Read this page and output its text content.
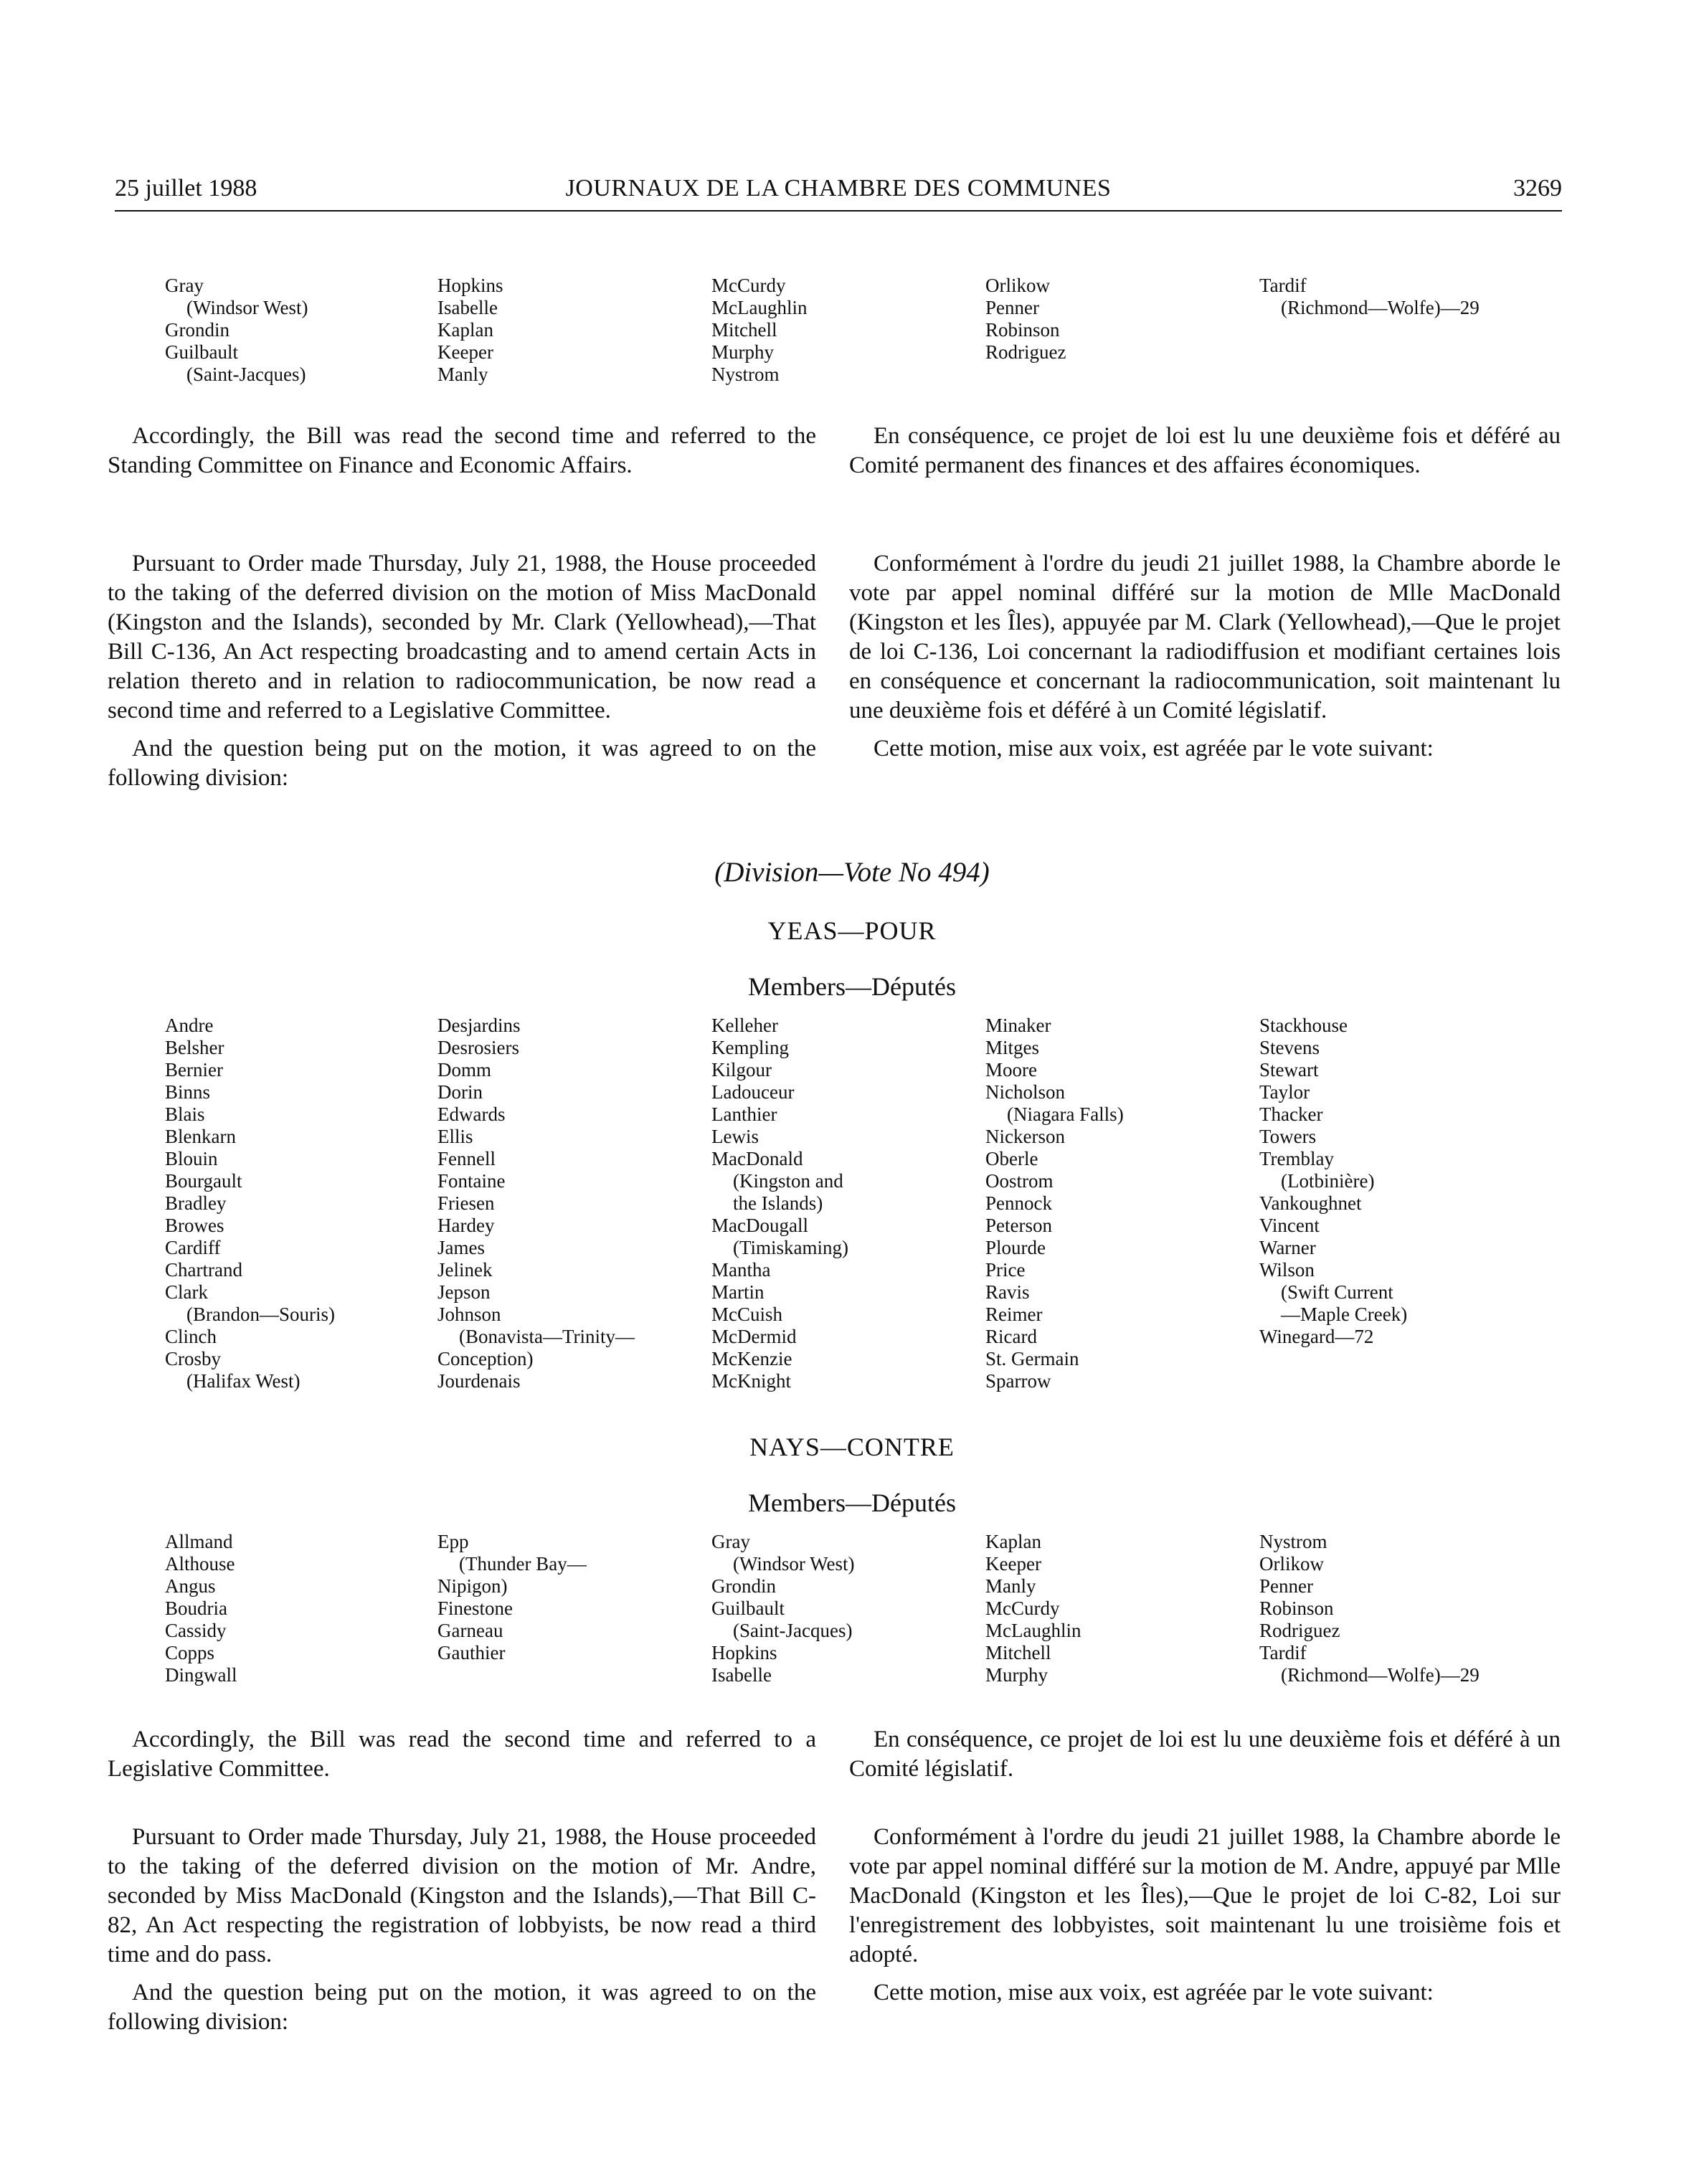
25 juillet 1988	JOURNAUX DE LA CHAMBRE DES COMMUNES	3269
Gray
(Windsor West)
Grondin
Guilbault
(Saint-Jacques)
Hopkins
Isabelle
Kaplan
Keeper
Manly
McCurdy
McLaughlin
Mitchell
Murphy
Nystrom
Orlikow
Penner
Robinson
Rodriguez
Tardif
(Richmond—Wolfe)—29

Accordingly, the Bill was read the second time and referred to the Standing Committee on Finance and Economic Affairs.

En conséquence, ce projet de loi est lu une deuxième fois et déféré au Comité permanent des finances et des affaires économiques.

Pursuant to Order made Thursday, July 21, 1988, the House proceeded to the taking of the deferred division on the motion of Miss MacDonald (Kingston and the Islands), seconded by Mr. Clark (Yellowhead),—That Bill C-136, An Act respecting broadcasting and to amend certain Acts in relation thereto and in relation to radiocommunication, be now read a second time and referred to a Legislative Committee.

And the question being put on the motion, it was agreed to on the following division:

Conformément à l'ordre du jeudi 21 juillet 1988, la Chambre aborde le vote par appel nominal différé sur la motion de Mlle MacDonald (Kingston et les Îles), appuyée par M. Clark (Yellowhead),—Que le projet de loi C-136, Loi concernant la radiodiffusion et modifiant certaines lois en conséquence et concernant la radiocommunication, soit maintenant lu une deuxième fois et déféré à un Comité législatif.

Cette motion, mise aux voix, est agréée par le vote suivant:

(Division—Vote No 494)
YEAS—POUR
Members—Députés
Andre
Belsher
Bernier
Binns
Blais
Blenkarn
Blouin
Bourgault
Bradley
Browes
Cardiff
Chartrand
Clark
(Brandon—Souris)
Clinch
Crosby
(Halifax West)
Desjardins
Desrosiers
Domm
Dorin
Edwards
Ellis
Fennell
Fontaine
Friesen
Hardey
James
Jelinek
Jepson
Johnson
(Bonavista—Trinity—
Conception)
Jourdenais
Kelleher
Kempling
Kilgour
Ladouceur
Lanthier
Lewis
MacDonald
(Kingston and
the Islands)
MacDougall
(Timiskaming)
Mantha
Martin
McCuish
McDermid
McKenzie
McKnight
Minaker
Mitges
Moore
Nicholson
(Niagara Falls)
Nickerson
Oberle
Oostrom
Pennock
Peterson
Plourde
Price
Ravis
Reimer
Ricard
St. Germain
Sparrow
Stackhouse
Stevens
Stewart
Taylor
Thacker
Towers
Tremblay
(Lotbinière)
Vankoughnet
Vincent
Warner
Wilson
(Swift Current
—Maple Creek)
Winegard—72
NAYS—CONTRE
Members—Députés
Allmand
Althouse
Angus
Boudria
Cassidy
Copps
Dingwall
Epp
(Thunder Bay—
Nipigon)
Finestone
Garneau
Gauthier
Gray
(Windsor West)
Grondin
Guilbault
(Saint-Jacques)
Hopkins
Isabelle
Kaplan
Keeper
Manly
McCurdy
McLaughlin
Mitchell
Murphy
Nystrom
Orlikow
Penner
Robinson
Rodriguez
Tardif
(Richmond—Wolfe)—29

Accordingly, the Bill was read the second time and referred to a Legislative Committee.

En conséquence, ce projet de loi est lu une deuxième fois et déféré à un Comité législatif.

Pursuant to Order made Thursday, July 21, 1988, the House proceeded to the taking of the deferred division on the motion of Mr. Andre, seconded by Miss MacDonald (Kingston and the Islands),—That Bill C-82, An Act respecting the registration of lobbyists, be now read a third time and do pass.

And the question being put on the motion, it was agreed to on the following division:

Conformément à l'ordre du jeudi 21 juillet 1988, la Chambre aborde le vote par appel nominal différé sur la motion de M. Andre, appuyé par Mlle MacDonald (Kingston et les Îles),—Que le projet de loi C-82, Loi sur l'enregistrement des lobbyistes, soit maintenant lu une troisième fois et adopté.

Cette motion, mise aux voix, est agréée par le vote suivant:
